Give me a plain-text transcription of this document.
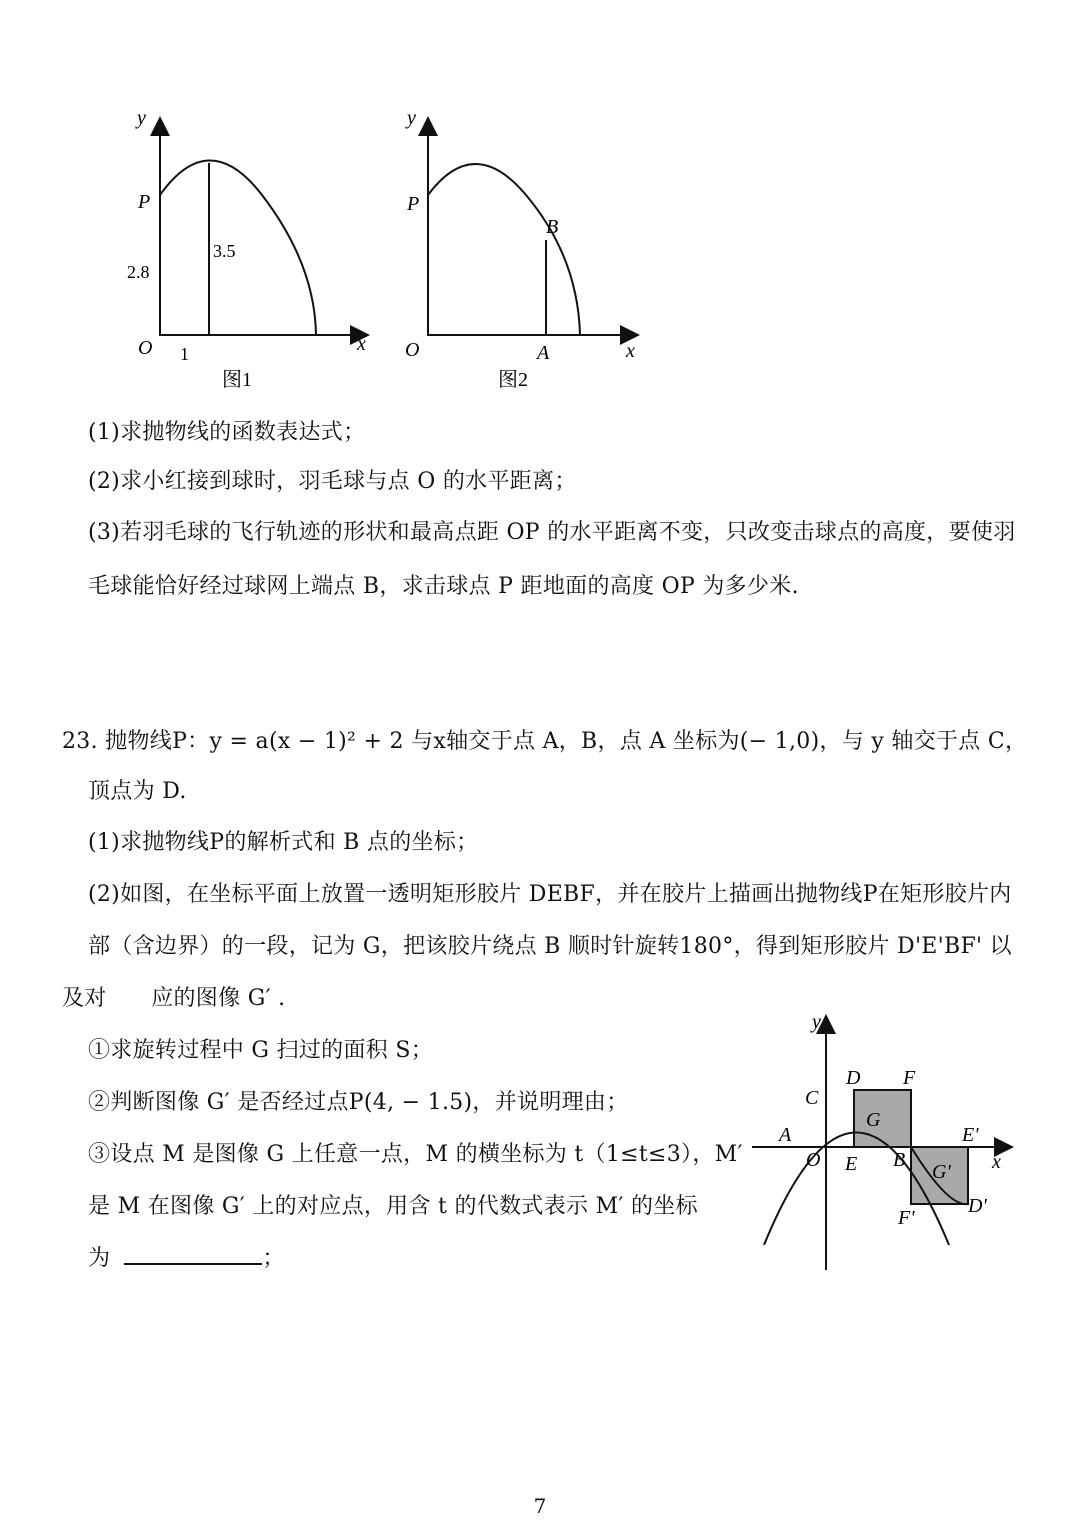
y
x
P
2.8
3.5
O 1
图1
y
x
P
B
O	A
图2
(1)求抛物线的函数表达式；
(2)求小红接到球时，羽毛球与点 O 的水平距离；
(3)若羽毛球的飞行轨迹的形状和最高点距 OP 的水平距离不变，只改变击球点的高度，要使羽
毛球能恰好经过球网上端点 B，求击球点 P 距地面的高度 OP 为多少米.
23. 抛物线P：y = a(x − 1)² + 2 与x轴交于点 A，B，点 A 坐标为(− 1,0)，与 y 轴交于点 C，
顶点为 D.
(1)求抛物线P的解析式和 B 点的坐标；
(2)如图，在坐标平面上放置一透明矩形胶片 DEBF，并在胶片上描画出抛物线P在矩形胶片内
部（含边界）的一段，记为 G，把该胶片绕点 B 顺时针旋转180°，得到矩形胶片 D'E'BF' 以
及对　　应的图像 G′ .
①求旋转过程中 G 扫过的面积 S；
②判断图像 G′ 是否经过点P(4, − 1.5)，并说明理由；
③设点 M 是图像 G 上任意一点，M 的横坐标为 t（1≤t≤3），M′
是 M 在图像 G′ 上的对应点，用含 t 的代数式表示 M′ 的坐标
为	；
y
x
O
A
B
C
D
E
F
G
E'
G'
D'
F'
7
